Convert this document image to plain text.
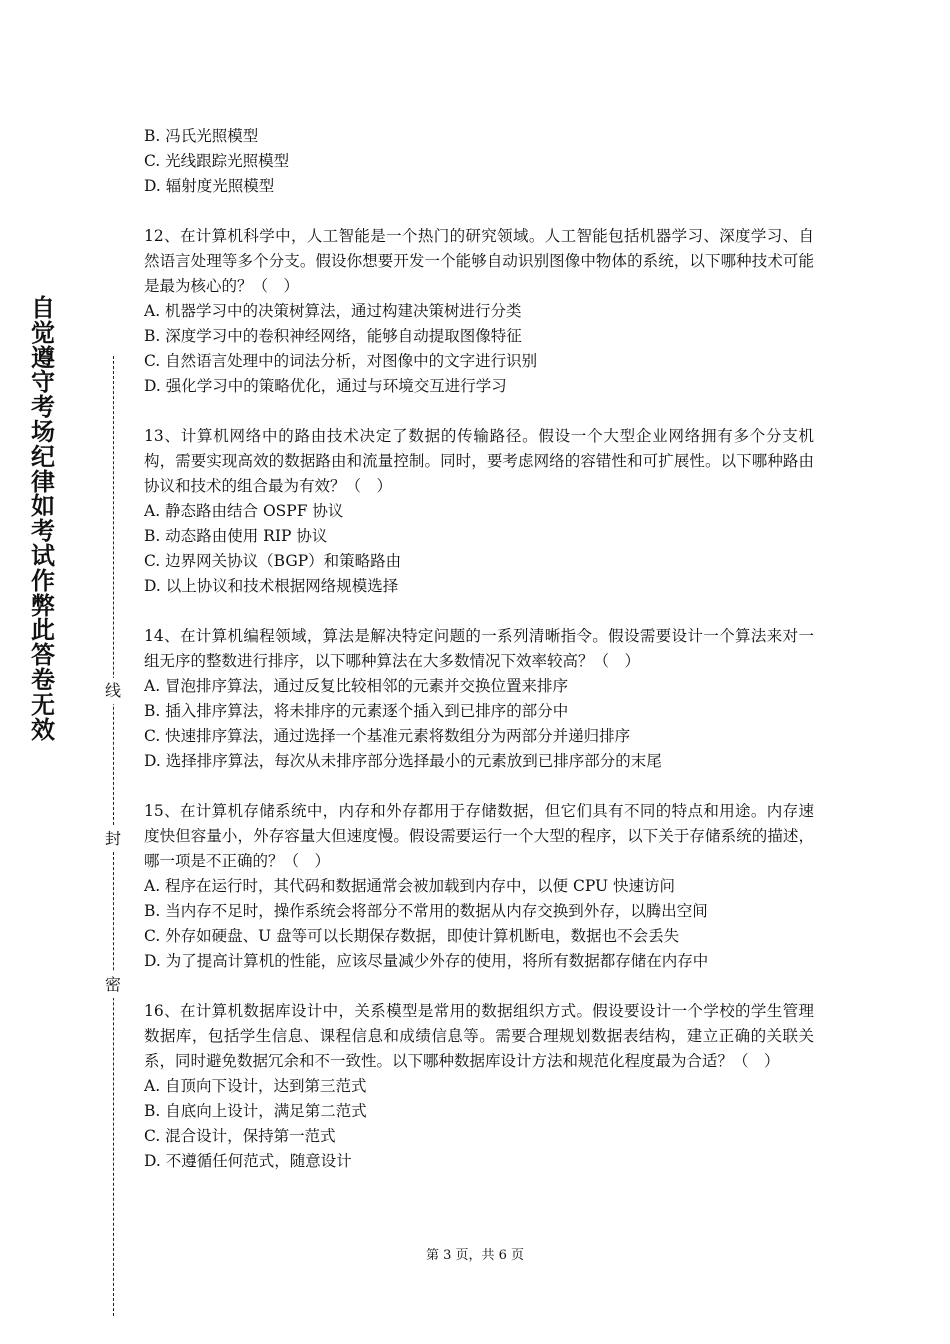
自觉遵守考场纪律如考试作弊此答卷无效
线
封
密
B. 冯氏光照模型
C. 光线跟踪光照模型
D. 辐射度光照模型
12、在计算机科学中，人工智能是一个热门的研究领域。人工智能包括机器学习、深度学习、自然语言处理等多个分支。假设你想要开发一个能够自动识别图像中物体的系统，以下哪种技术可能是最为核心的？（　）
A. 机器学习中的决策树算法，通过构建决策树进行分类
B. 深度学习中的卷积神经网络，能够自动提取图像特征
C. 自然语言处理中的词法分析，对图像中的文字进行识别
D. 强化学习中的策略优化，通过与环境交互进行学习
13、计算机网络中的路由技术决定了数据的传输路径。假设一个大型企业网络拥有多个分支机构，需要实现高效的数据路由和流量控制。同时，要考虑网络的容错性和可扩展性。以下哪种路由协议和技术的组合最为有效？（　）
A. 静态路由结合 OSPF 协议
B. 动态路由使用 RIP 协议
C. 边界网关协议（BGP）和策略路由
D. 以上协议和技术根据网络规模选择
14、在计算机编程领域，算法是解决特定问题的一系列清晰指令。假设需要设计一个算法来对一组无序的整数进行排序，以下哪种算法在大多数情况下效率较高？（　）
A. 冒泡排序算法，通过反复比较相邻的元素并交换位置来排序
B. 插入排序算法，将未排序的元素逐个插入到已排序的部分中
C. 快速排序算法，通过选择一个基准元素将数组分为两部分并递归排序
D. 选择排序算法，每次从未排序部分选择最小的元素放到已排序部分的末尾
15、在计算机存储系统中，内存和外存都用于存储数据，但它们具有不同的特点和用途。内存速度快但容量小，外存容量大但速度慢。假设需要运行一个大型的程序，以下关于存储系统的描述，哪一项是不正确的？（　）
A. 程序在运行时，其代码和数据通常会被加载到内存中，以便 CPU 快速访问
B. 当内存不足时，操作系统会将部分不常用的数据从内存交换到外存，以腾出空间
C. 外存如硬盘、U 盘等可以长期保存数据，即使计算机断电，数据也不会丢失
D. 为了提高计算机的性能，应该尽量减少外存的使用，将所有数据都存储在内存中
16、在计算机数据库设计中，关系模型是常用的数据组织方式。假设要设计一个学校的学生管理数据库，包括学生信息、课程信息和成绩信息等。需要合理规划数据表结构，建立正确的关联关系，同时避免数据冗余和不一致性。以下哪种数据库设计方法和规范化程度最为合适？（　）
A. 自顶向下设计，达到第三范式
B. 自底向上设计，满足第二范式
C. 混合设计，保持第一范式
D. 不遵循任何范式，随意设计
第 3 页，共 6 页
